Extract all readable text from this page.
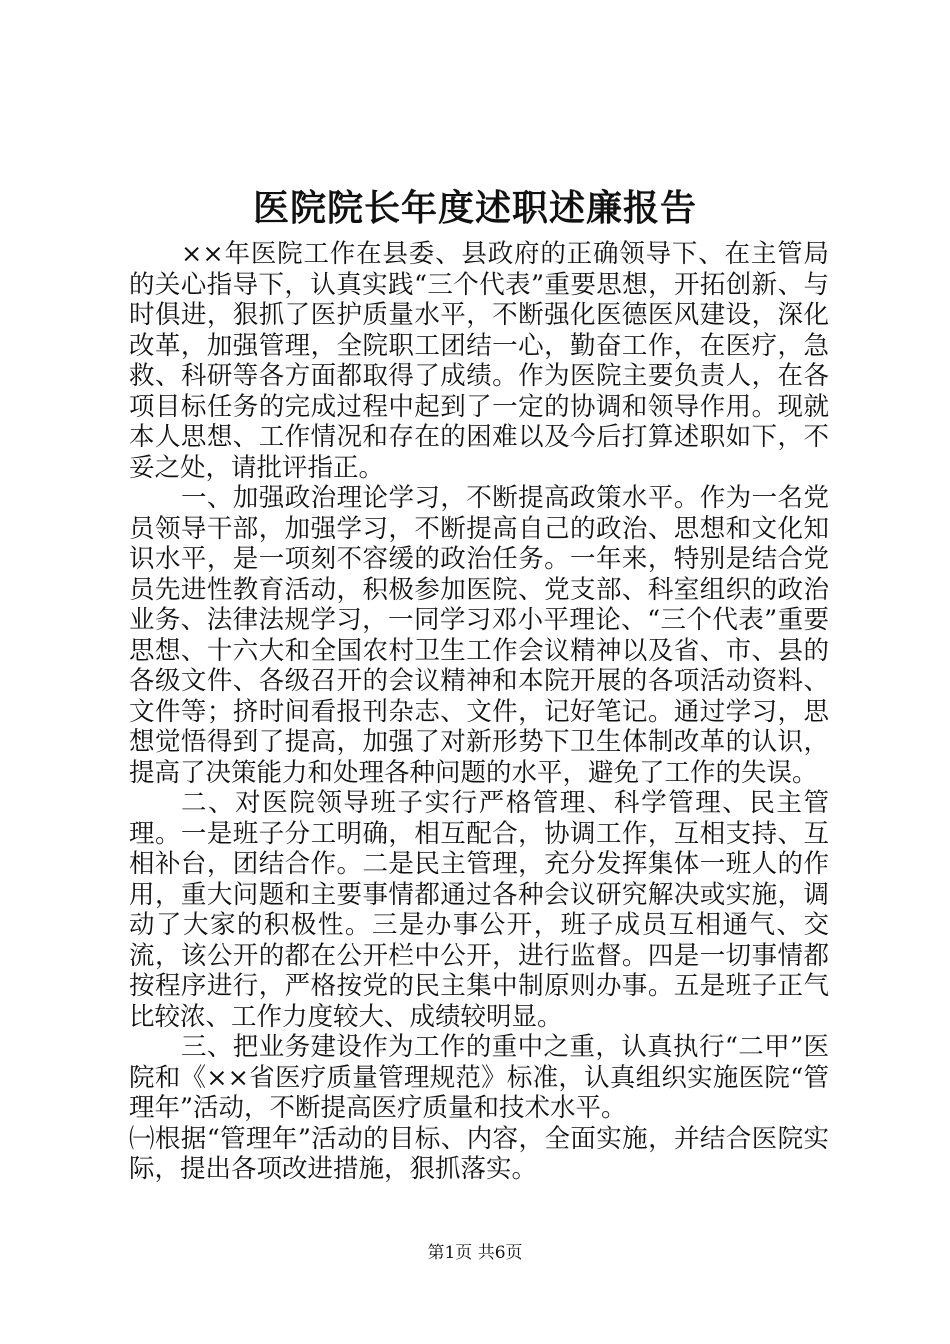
医院院长年度述职述廉报告

××年医院工作在县委、县政府的正确领导下、在主管局的关心指导下，认真实践“三个代表”重要思想，开拓创新、与时俱进，狠抓了医护质量水平，不断强化医德医风建设，深化改革，加强管理，全院职工团结一心，勤奋工作，在医疗，急救、科研等各方面都取得了成绩。作为医院主要负责人，在各项目标任务的完成过程中起到了一定的协调和领导作用。现就本人思想、工作情况和存在的困难以及今后打算述职如下，不妥之处，请批评指正。

一、加强政治理论学习，不断提高政策水平。作为一名党员领导干部，加强学习，不断提高自己的政治、思想和文化知识水平，是一项刻不容缓的政治任务。一年来，特别是结合党员先进性教育活动，积极参加医院、党支部、科室组织的政治业务、法律法规学习，一同学习邓小平理论、“三个代表”重要思想、十六大和全国农村卫生工作会议精神以及省、市、县的各级文件、各级召开的会议精神和本院开展的各项活动资料、文件等；挤时间看报刊杂志、文件，记好笔记。通过学习，思想觉悟得到了提高，加强了对新形势下卫生体制改革的认识，提高了决策能力和处理各种问题的水平，避免了工作的失误。

二、对医院领导班子实行严格管理、科学管理、民主管理。一是班子分工明确，相互配合，协调工作，互相支持、互相补台，团结合作。二是民主管理，充分发挥集体一班人的作用，重大问题和主要事情都通过各种会议研究解决或实施，调动了大家的积极性。三是办事公开，班子成员互相通气、交流，该公开的都在公开栏中公开，进行监督。四是一切事情都按程序进行，严格按党的民主集中制原则办事。五是班子正气比较浓、工作力度较大、成绩较明显。

三、把业务建设作为工作的重中之重，认真执行“二甲”医院和《××省医疗质量管理规范》标准，认真组织实施医院“管理年”活动，不断提高医疗质量和技术水平。

㈠根据“管理年”活动的目标、内容，全面实施，并结合医院实际，提出各项改进措施，狠抓落实。

第1页 共6页
